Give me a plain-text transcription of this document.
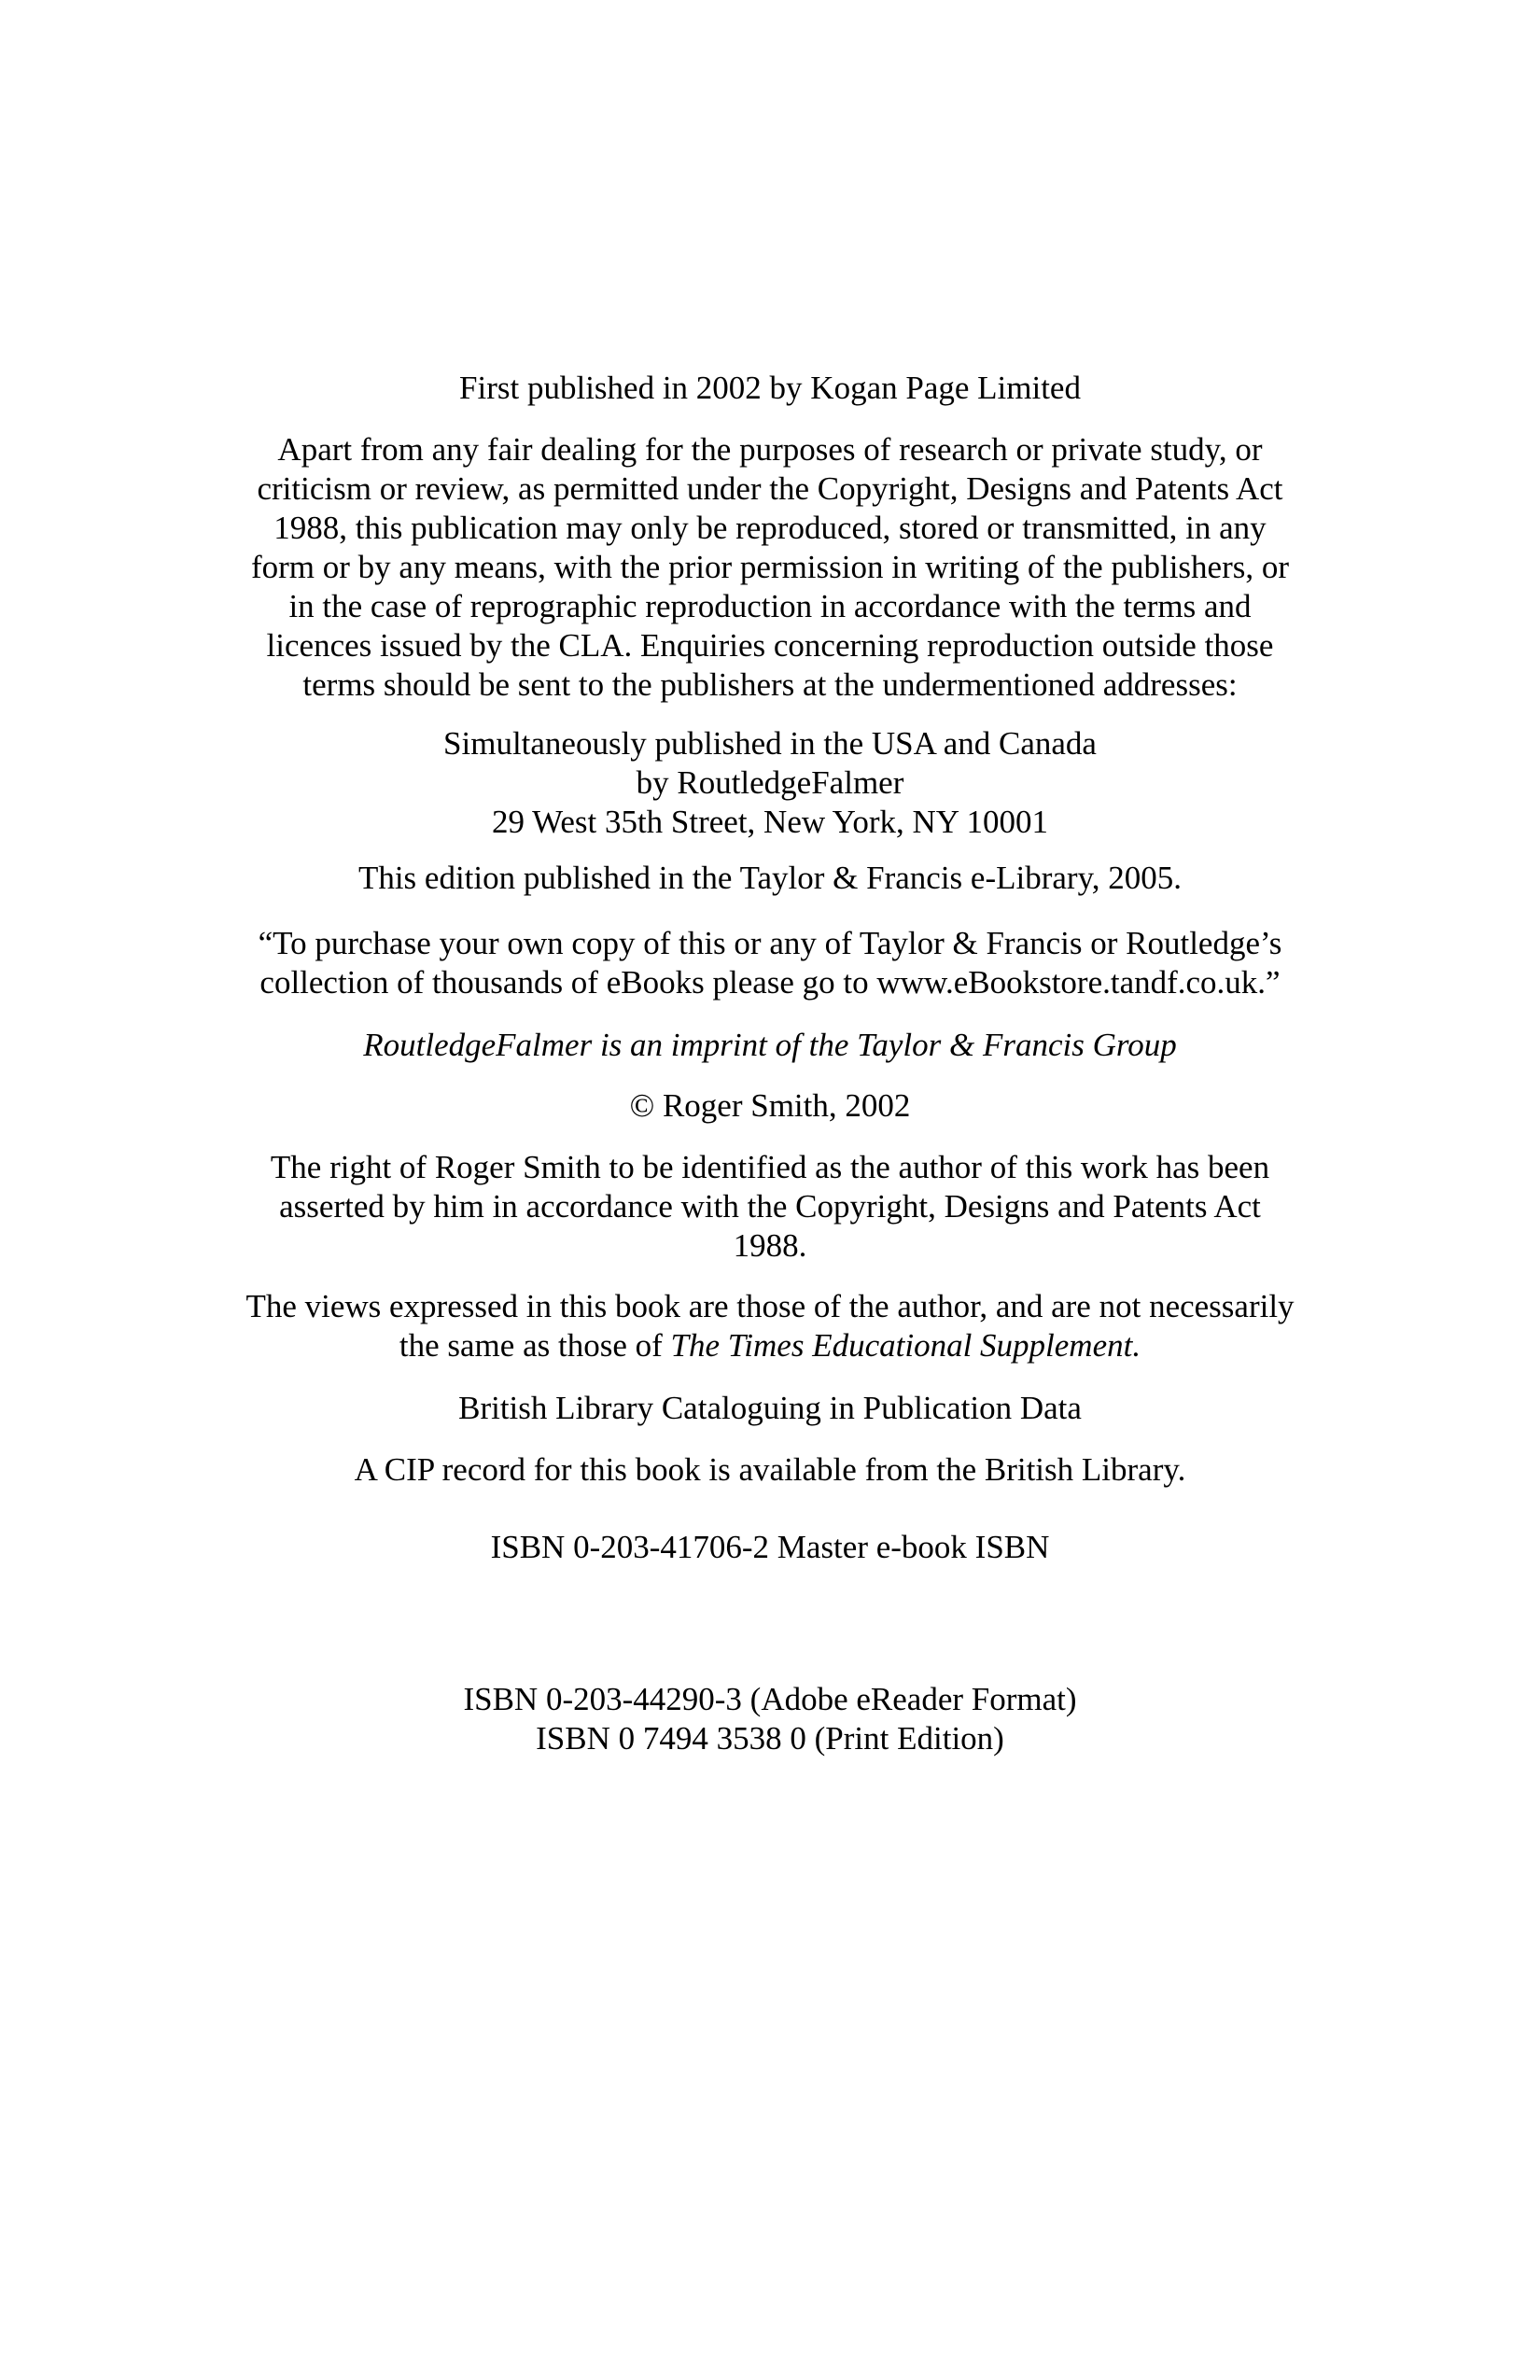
First published in 2002 by Kogan Page Limited
Apart from any fair dealing for the purposes of research or private study, or
criticism or review, as permitted under the Copyright, Designs and Patents Act
1988, this publication may only be reproduced, stored or transmitted, in any
form or by any means, with the prior permission in writing of the publishers, or
in the case of reprographic reproduction in accordance with the terms and
licences issued by the CLA. Enquiries concerning reproduction outside those
terms should be sent to the publishers at the undermentioned addresses:
Simultaneously published in the USA and Canada
by RoutledgeFalmer
29 West 35th Street, New York, NY 10001
This edition published in the Taylor & Francis e-Library, 2005.
“To purchase your own copy of this or any of Taylor & Francis or Routledge’s
collection of thousands of eBooks please go to www.eBookstore.tandf.co.uk.”
RoutledgeFalmer is an imprint of the Taylor & Francis Group
© Roger Smith, 2002
The right of Roger Smith to be identified as the author of this work has been
asserted by him in accordance with the Copyright, Designs and Patents Act
1988.
The views expressed in this book are those of the author, and are not necessarily
the same as those of The Times Educational Supplement.
British Library Cataloguing in Publication Data
A CIP record for this book is available from the British Library.
ISBN 0-203-41706-2 Master e-book ISBN
ISBN 0-203-44290-3 (Adobe eReader Format)
ISBN 0 7494 3538 0 (Print Edition)
